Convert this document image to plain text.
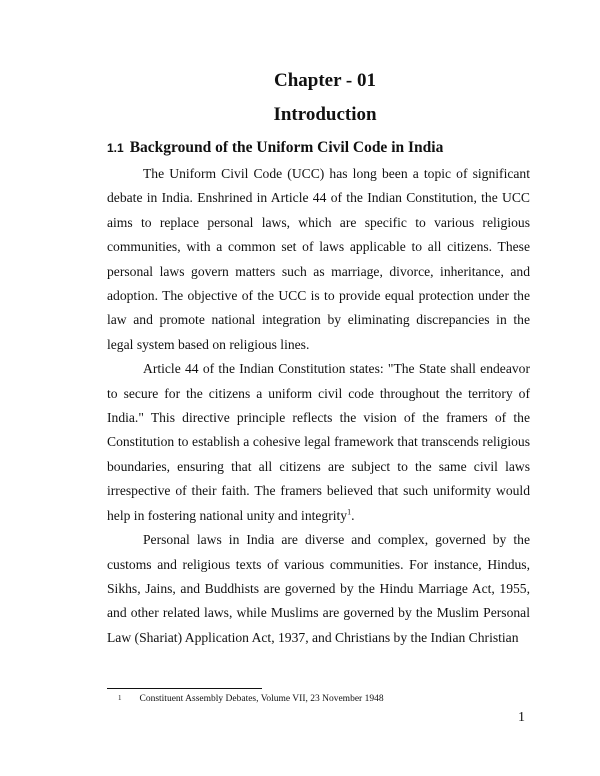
Chapter - 01
Introduction
1.1 Background of the Uniform Civil Code in India

The Uniform Civil Code (UCC) has long been a topic of significant debate in India. Enshrined in Article 44 of the Indian Constitution, the UCC aims to replace personal laws, which are specific to various religious communities, with a common set of laws applicable to all citizens. These personal laws govern matters such as marriage, divorce, inheritance, and adoption. The objective of the UCC is to provide equal protection under the law and promote national integration by eliminating discrepancies in the legal system based on religious lines.

Article 44 of the Indian Constitution states: "The State shall endeavor to secure for the citizens a uniform civil code throughout the territory of India." This directive principle reflects the vision of the framers of the Constitution to establish a cohesive legal framework that transcends religious boundaries, ensuring that all citizens are subject to the same civil laws irrespective of their faith. The framers believed that such uniformity would help in fostering national unity and integrity$^1$.

Personal laws in India are diverse and complex, governed by the customs and religious texts of various communities. For instance, Hindus, Sikhs, Jains, and Buddhists are governed by the Hindu Marriage Act, 1955, and other related laws, while Muslims are governed by the Muslim Personal Law (Shariat) Application Act, 1937, and Christians by the Indian Christian

$^1$ Constituent Assembly Debates, Volume VII, 23 November 1948
1
